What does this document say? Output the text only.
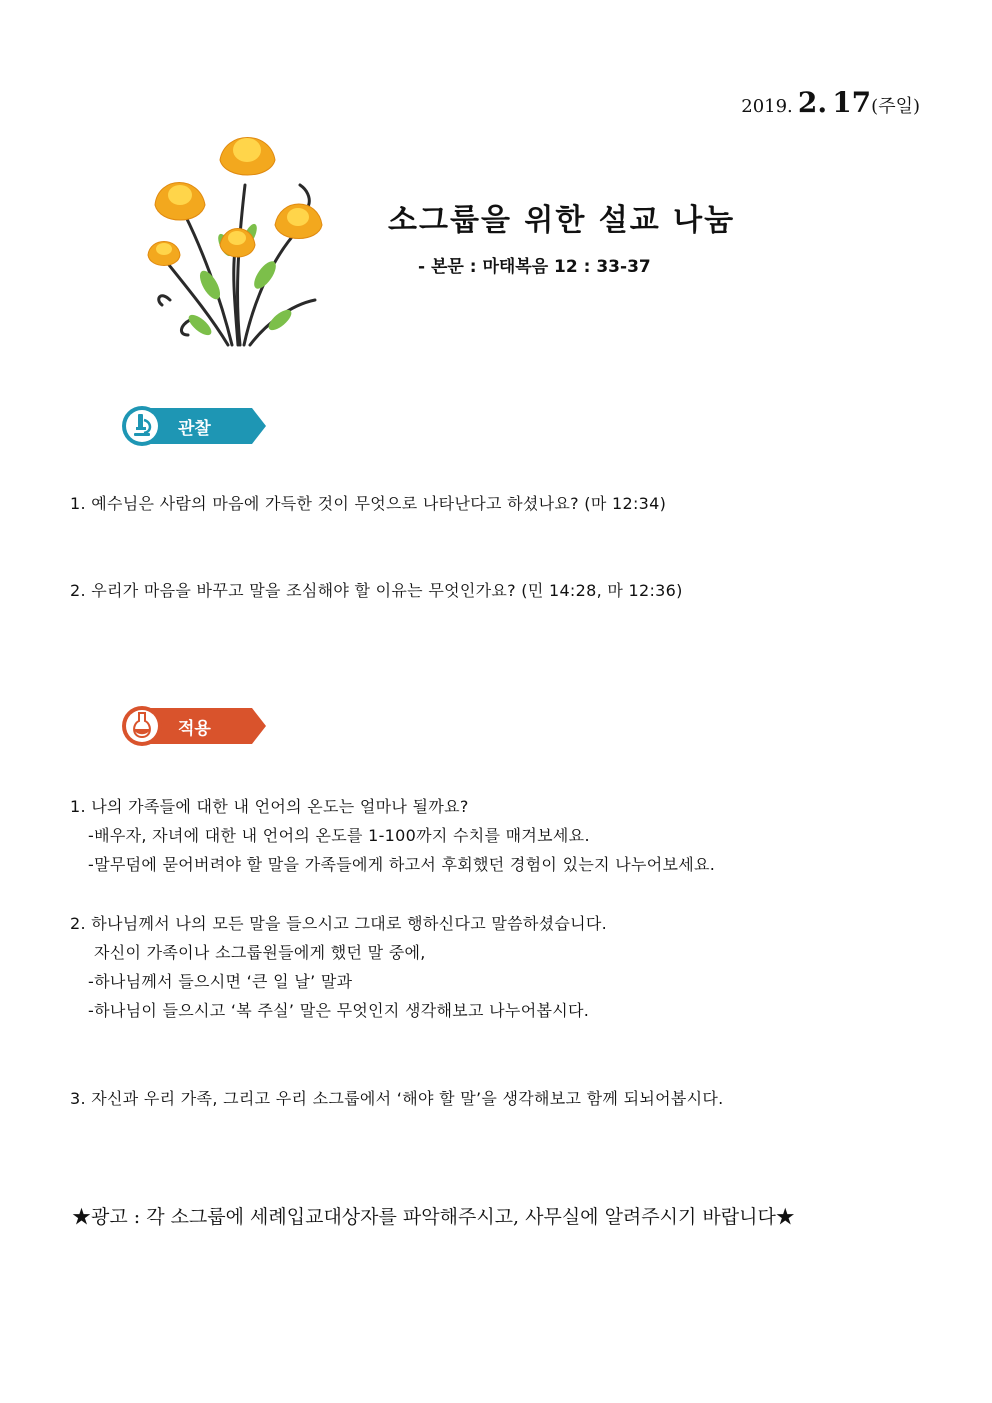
2019. 2. 17(주일)
소그룹을 위한 설교 나눔
- 본문 : 마태복음 12 : 33-37
관찰
1. 예수님은 사람의 마음에 가득한 것이 무엇으로 나타난다고 하셨나요? (마 12:34)
2. 우리가 마음을 바꾸고 말을 조심해야 할 이유는 무엇인가요? (민 14:28, 마 12:36)
적용
1. 나의 가족들에 대한 내 언어의 온도는 얼마나 될까요?
-배우자, 자녀에 대한 내 언어의 온도를 1-100까지 수치를 매겨보세요.
-말무덤에 묻어버려야 할 말을 가족들에게 하고서 후회했던 경험이 있는지 나누어보세요.
2. 하나님께서 나의 모든 말을 들으시고 그대로 행하신다고 말씀하셨습니다.
자신이 가족이나 소그룹원들에게 했던 말 중에,
-하나님께서 들으시면 ‘큰 일 날’ 말과
-하나님이 들으시고 ‘복 주실’ 말은 무엇인지 생각해보고 나누어봅시다.
3. 자신과 우리 가족, 그리고 우리 소그룹에서 ‘해야 할 말’을 생각해보고 함께 되뇌어봅시다.
★광고 : 각 소그룹에 세례입교대상자를 파악해주시고, 사무실에 알려주시기 바랍니다★
